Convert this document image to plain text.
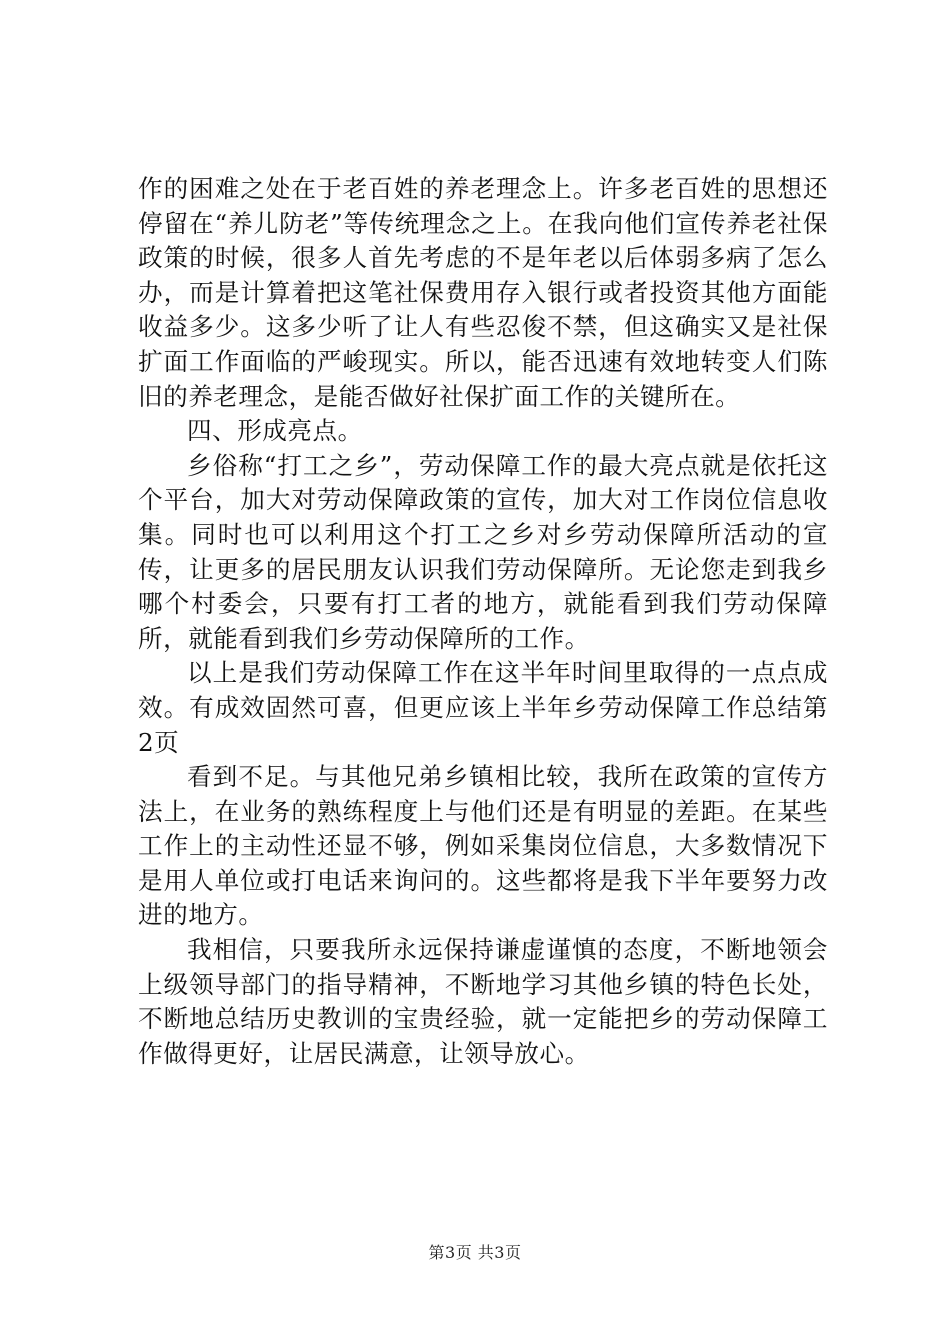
作的困难之处在于老百姓的养老理念上。许多老百姓的思想还停留在“养儿防老”等传统理念之上。在我向他们宣传养老社保政策的时候，很多人首先考虑的不是年老以后体弱多病了怎么办，而是计算着把这笔社保费用存入银行或者投资其他方面能收益多少。这多少听了让人有些忍俊不禁，但这确实又是社保扩面工作面临的严峻现实。所以，能否迅速有效地转变人们陈旧的养老理念，是能否做好社保扩面工作的关键所在。

四、形成亮点。

乡俗称“打工之乡”，劳动保障工作的最大亮点就是依托这个平台，加大对劳动保障政策的宣传，加大对工作岗位信息收集。同时也可以利用这个打工之乡对乡劳动保障所活动的宣传，让更多的居民朋友认识我们劳动保障所。无论您走到我乡哪个村委会，只要有打工者的地方，就能看到我们劳动保障所，就能看到我们乡劳动保障所的工作。

以上是我们劳动保障工作在这半年时间里取得的一点点成效。有成效固然可喜，但更应该上半年乡劳动保障工作总结第2页

看到不足。与其他兄弟乡镇相比较，我所在政策的宣传方法上，在业务的熟练程度上与他们还是有明显的差距。在某些工作上的主动性还显不够，例如采集岗位信息，大多数情况下是用人单位或打电话来询问的。这些都将是我下半年要努力改进的地方。

我相信，只要我所永远保持谦虚谨慎的态度，不断地领会上级领导部门的指导精神，不断地学习其他乡镇的特色长处，不断地总结历史教训的宝贵经验，就一定能把乡的劳动保障工作做得更好，让居民满意，让领导放心。

第3页 共3页
